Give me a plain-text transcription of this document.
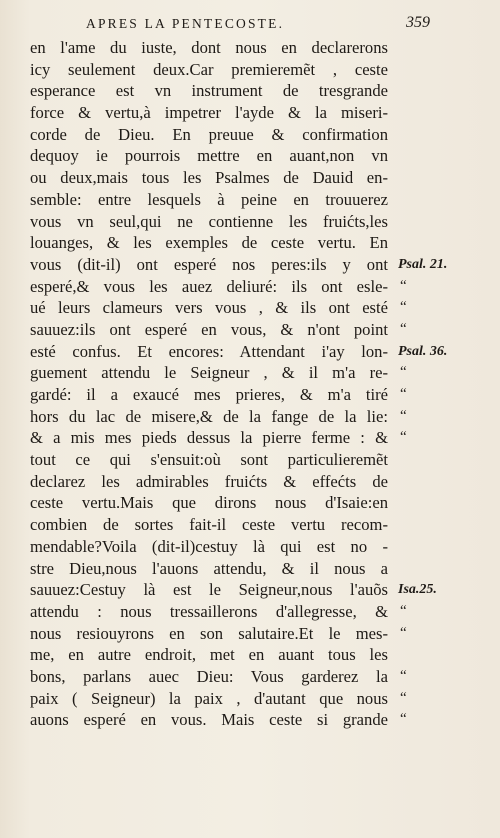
APRES LA PENTECOSTE.	359
en l'ame du iuste, dont nous en declarerons
icy seulement deux.Car premieremẽt , ceste
esperance est vn instrument de tresgrande
force & vertu,à impetrer l'ayde & la miseri-
corde de Dieu. En preuue & confirmation
dequoy ie pourrois mettre en auant,non vn
ou deux,mais tous les Psalmes de Dauid en-
semble: entre lesquels à peine en trouuerez
vous vn seul,qui ne contienne les fruićts,les
louanges, & les exemples de ceste vertu. En
vous (dit-il) ont esperé nos peres:ils y ont Psal. 21.
esperé,& vous les auez deliuré: ils ont esle- “
ué leurs clameurs vers vous , & ils ont esté “
sauuez:ils ont esperé en vous, & n'ont point “
esté confus. Et encores: Attendant i'ay lon- Psal. 36.
guement attendu le Seigneur , & il m'a re- “
gardé: il a exaucé mes prieres, & m'a tiré “
hors du lac de misere,& de la fange de la lie: “
& a mis mes pieds dessus la pierre ferme : & “
tout ce qui s'ensuit:où sont particulieremẽt
declarez les admirables fruićts & effećts de
ceste vertu.Mais que dirons nous d'Isaie:en
combien de sortes fait-il ceste vertu recom-
mendable?Voila (dit-il)cestuy là qui est no -
stre Dieu,nous l'auons attendu, & il nous a
sauuez:Cestuy là est le Seigneur,nous l'auõs Isa.25.
attendu : nous tressaillerons d'allegresse, & “
nous resiouyrons en son salutaire.Et le mes- “
me, en autre endroit, met en auant tous les
bons, parlans auec Dieu: Vous garderez la “
paix ( Seigneur) la paix , d'autant que nous “
auons esperé en vous. Mais ceste si grande “
